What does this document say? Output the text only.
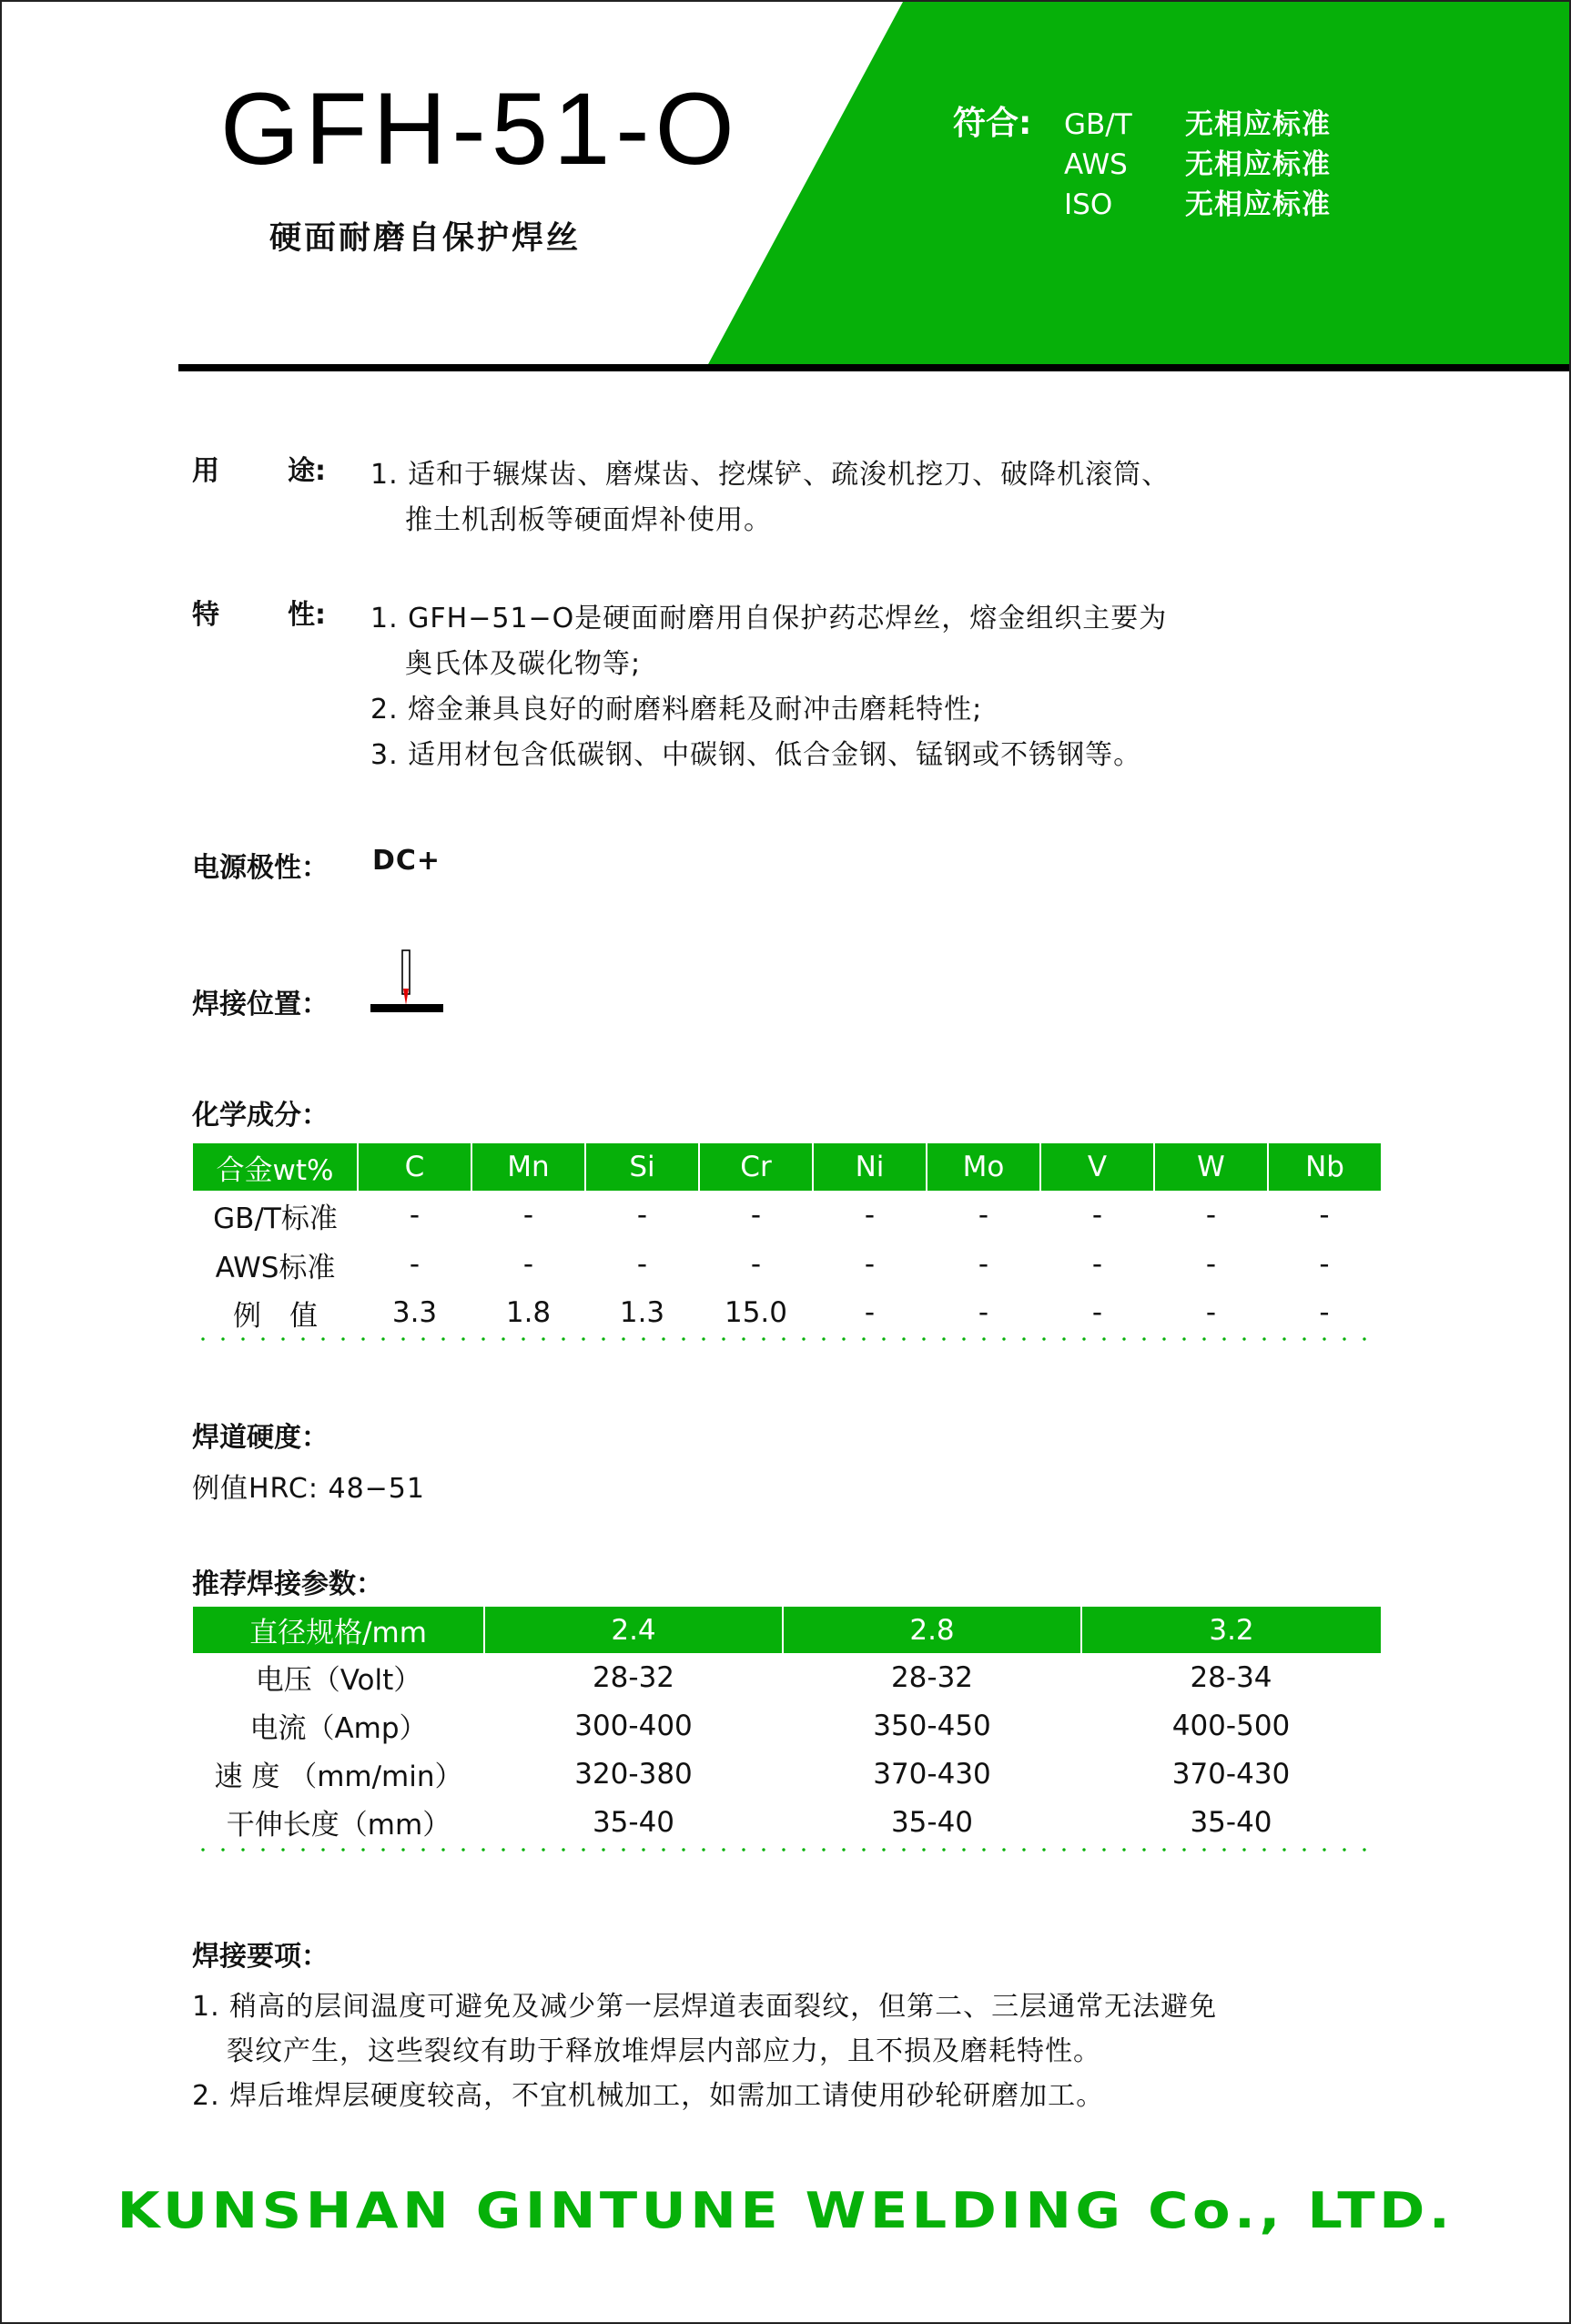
GFH-51-O
硬面耐磨自保护焊丝
符合: GB/T 无相应标准
AWS 无相应标准
ISO	无相应标准
用	途: 1. 适和于辗煤齿、磨煤齿、挖煤铲、疏浚机挖刀、破降机滚筒、
推土机刮板等硬面焊补使用。
特	性: 1. GFH−51−O是硬面耐磨用自保护药芯焊丝，熔金组织主要为
奥氏体及碳化物等;
2. 熔金兼具良好的耐磨料磨耗及耐冲击磨耗特性;
3. 适用材包含低碳钢、中碳钢、低合金钢、锰钢或不锈钢等。
电源极性： DC+
焊接位置：
化学成分：
合金wt%	C	Mn	Si	Cr	Ni	Mo	V	W	Nb
GB/T标准	-	-	-	-	-	-	-	-	-
AWS标准	-	-	-	-	-	-	-	-	-
例　值	3.3	1.8	1.3	15.0	-	-	-	-	-
焊道硬度：
例值HRC: 48−51
推荐焊接参数：
直径规格/mm	2.4	2.8	3.2
电压（Volt）	28-32	28-32	28-34
电流（Amp）	300-400	350-450	400-500
速 度 （mm/min）	320-380	370-430	370-430
干伸长度（mm）	35-40	35-40	35-40
焊接要项：
1. 稍高的层间温度可避免及减少第一层焊道表面裂纹，但第二、三层通常无法避免
裂纹产生，这些裂纹有助于释放堆焊层内部应力，且不损及磨耗特性。
2. 焊后堆焊层硬度较高，不宜机械加工，如需加工请使用砂轮研磨加工。
KUNSHAN GINTUNE WELDING Co., LTD.
